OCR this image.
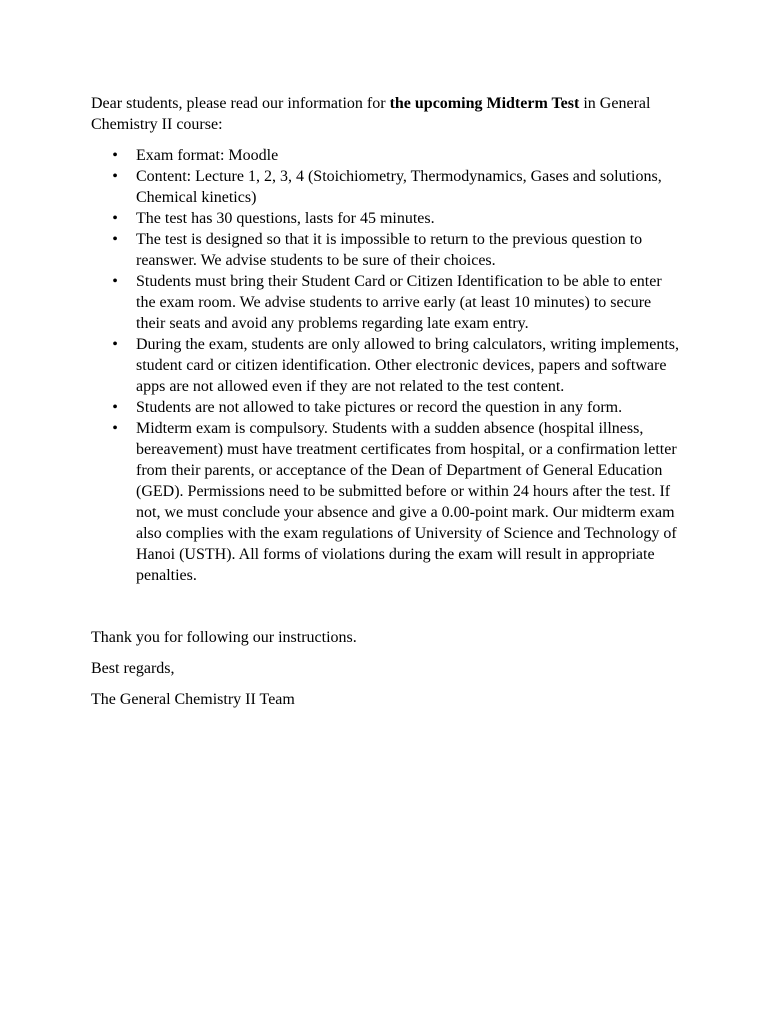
Dear students, please read our information for the upcoming Midterm Test in General Chemistry II course:

• Exam format: Moodle
• Content: Lecture 1, 2, 3, 4 (Stoichiometry, Thermodynamics, Gases and solutions, Chemical kinetics)
• The test has 30 questions, lasts for 45 minutes.
• The test is designed so that it is impossible to return to the previous question to reanswer. We advise students to be sure of their choices.
• Students must bring their Student Card or Citizen Identification to be able to enter the exam room. We advise students to arrive early (at least 10 minutes) to secure their seats and avoid any problems regarding late exam entry.
• During the exam, students are only allowed to bring calculators, writing implements, student card or citizen identification. Other electronic devices, papers and software apps are not allowed even if they are not related to the test content.
• Students are not allowed to take pictures or record the question in any form.
• Midterm exam is compulsory. Students with a sudden absence (hospital illness, bereavement) must have treatment certificates from hospital, or a confirmation letter from their parents, or acceptance of the Dean of Department of General Education (GED). Permissions need to be submitted before or within 24 hours after the test. If not, we must conclude your absence and give a 0.00-point mark. Our midterm exam also complies with the exam regulations of University of Science and Technology of Hanoi (USTH). All forms of violations during the exam will result in appropriate penalties.

Thank you for following our instructions.

Best regards,

The General Chemistry II Team
